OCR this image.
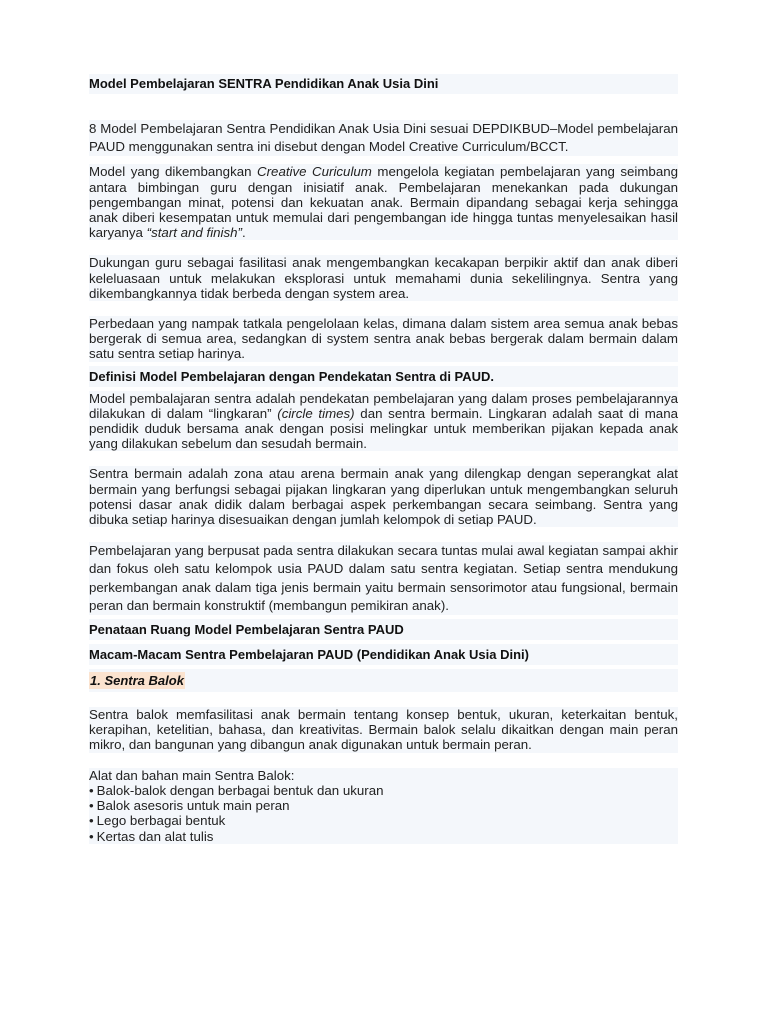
Model Pembelajaran SENTRA Pendidikan Anak Usia Dini

8 Model Pembelajaran Sentra Pendidikan Anak Usia Dini sesuai DEPDIKBUD–Model pembelajaran PAUD menggunakan sentra ini disebut dengan Model Creative Curriculum/BCCT.

Model yang dikembangkan Creative Curiculum mengelola kegiatan pembelajaran yang seimbang antara bimbingan guru dengan inisiatif anak. Pembelajaran menekankan pada dukungan pengembangan minat, potensi dan kekuatan anak. Bermain dipandang sebagai kerja sehingga anak diberi kesempatan untuk memulai dari pengembangan ide hingga tuntas menyelesaikan hasil karyanya “start and finish”.

Dukungan guru sebagai fasilitasi anak mengembangkan kecakapan berpikir aktif dan anak diberi keleluasaan untuk melakukan eksplorasi untuk memahami dunia sekelilingnya. Sentra yang dikembangkannya tidak berbeda dengan system area.

Perbedaan yang nampak tatkala pengelolaan kelas, dimana dalam sistem area semua anak bebas bergerak di semua area, sedangkan di system sentra anak bebas bergerak dalam bermain dalam satu sentra setiap harinya.

Definisi Model Pembelajaran dengan Pendekatan Sentra di PAUD.

Model pembalajaran sentra adalah pendekatan pembelajaran yang dalam proses pembelajarannya dilakukan di dalam “lingkaran” (circle times) dan sentra bermain. Lingkaran adalah saat di mana pendidik duduk bersama anak dengan posisi melingkar untuk memberikan pijakan kepada anak yang dilakukan sebelum dan sesudah bermain.

Sentra bermain adalah zona atau arena bermain anak yang dilengkap dengan seperangkat alat bermain yang berfungsi sebagai pijakan lingkaran yang diperlukan untuk mengembangkan seluruh potensi dasar anak didik dalam berbagai aspek perkembangan secara seimbang. Sentra yang dibuka setiap harinya disesuaikan dengan jumlah kelompok di setiap PAUD.

Pembelajaran yang berpusat pada sentra dilakukan secara tuntas mulai awal kegiatan sampai akhir dan fokus oleh satu kelompok usia PAUD dalam satu sentra kegiatan. Setiap sentra mendukung perkembangan anak dalam tiga jenis bermain yaitu bermain sensorimotor atau fungsional, bermain peran dan bermain konstruktif (membangun pemikiran anak).

Penataan Ruang Model Pembelajaran Sentra PAUD
Macam-Macam Sentra Pembelajaran PAUD (Pendidikan Anak Usia Dini)
1. Sentra Balok

Sentra balok memfasilitasi anak bermain tentang konsep bentuk, ukuran, keterkaitan bentuk, kerapihan, ketelitian, bahasa, dan kreativitas. Bermain balok selalu dikaitkan dengan main peran mikro, dan bangunan yang dibangun anak digunakan untuk bermain peran.

Alat dan bahan main Sentra Balok:

• Balok-balok dengan berbagai bentuk dan ukuran
• Balok asesoris untuk main peran
• Lego berbagai bentuk
• Kertas dan alat tulis
